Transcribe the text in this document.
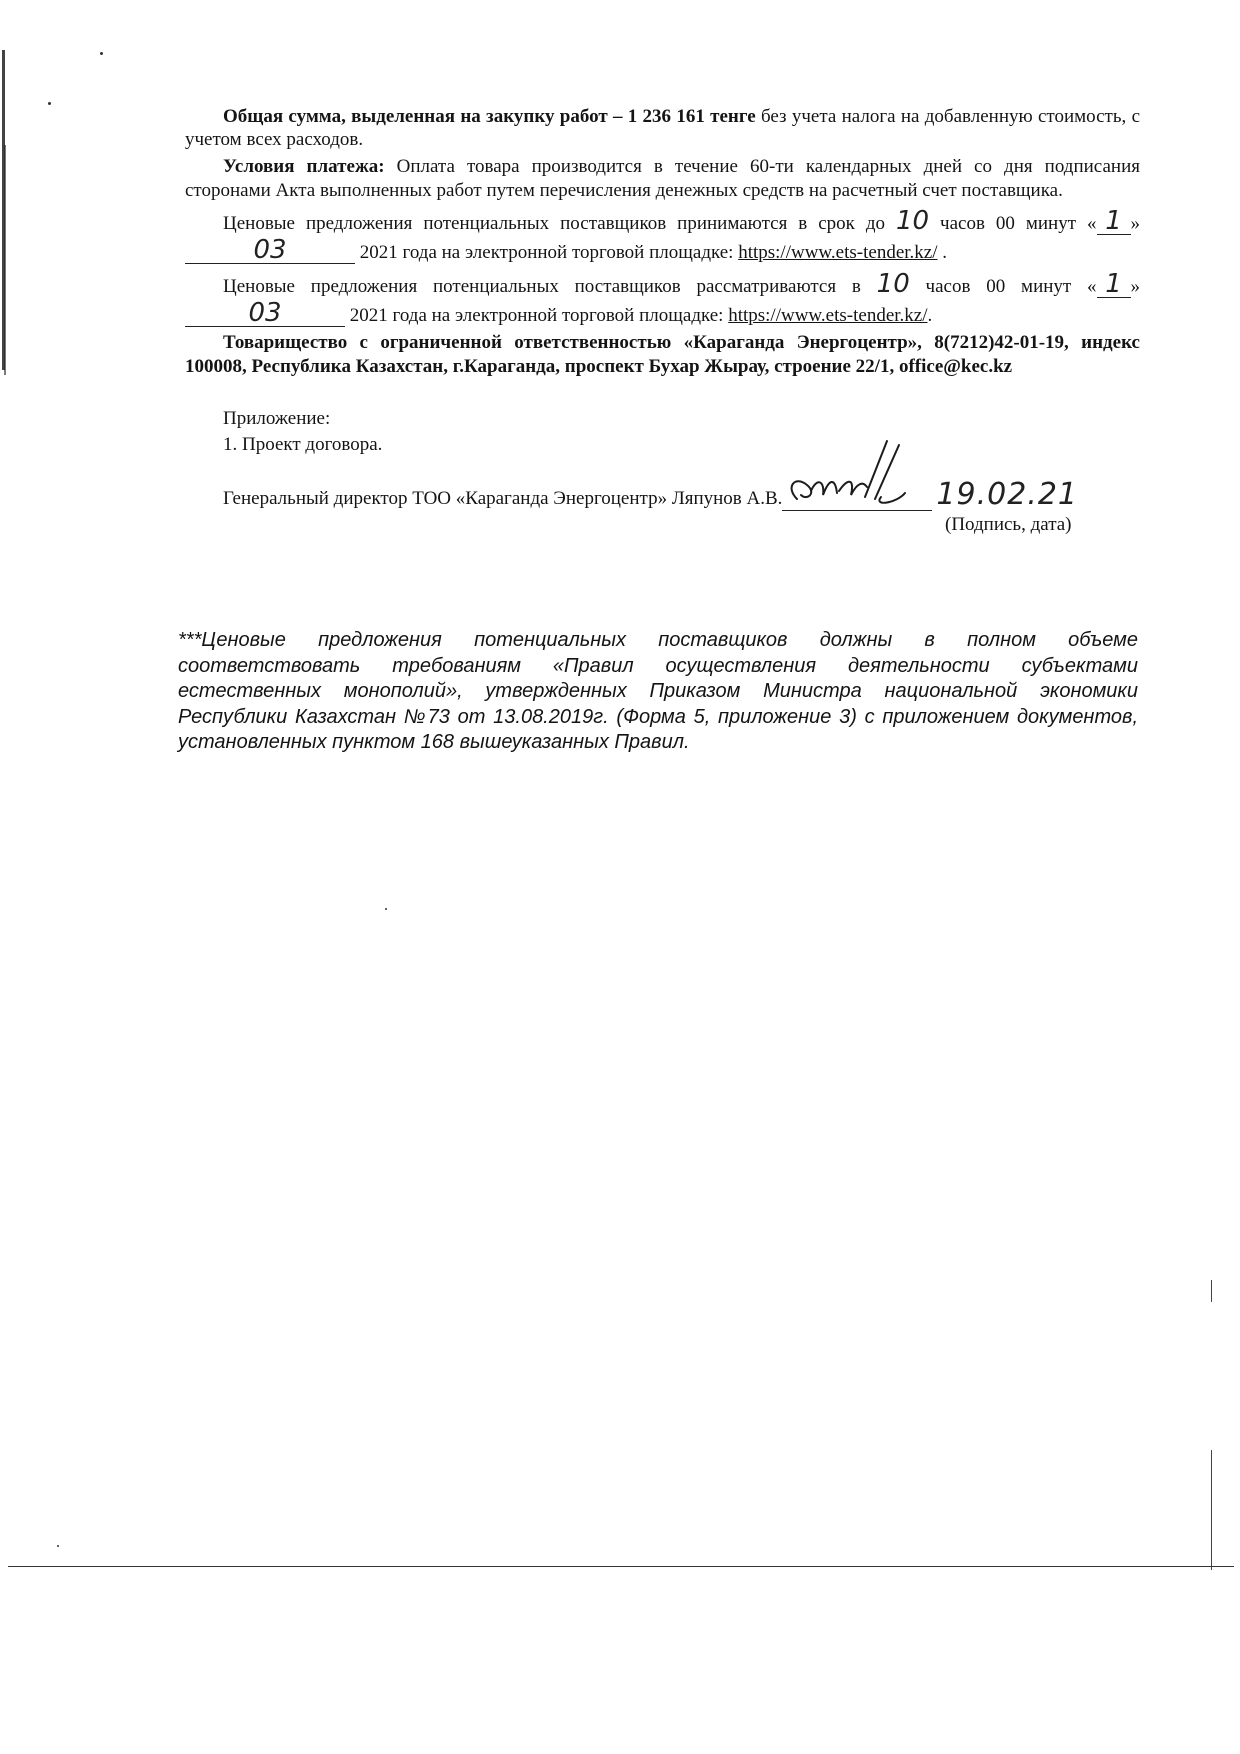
Общая сумма, выделенная на закупку работ – 1 236 161 тенге без учета налога на добавленную стоимость, с учетом всех расходов.

Условия платежа: Оплата товара производится в течение 60-ти календарных дней со дня подписания сторонами Акта выполненных работ путем перечисления денежных средств на расчетный счет поставщика.

Ценовые предложения потенциальных поставщиков принимаются в срок до 10 часов 00 минут « 1 » 03	2021 года на электронной торговой площадке: https://www.ets-tender.kz/ .

Ценовые предложения потенциальных поставщиков рассматриваются в 10 часов 00 минут « 1 » 03	2021 года на электронной торговой площадке: https://www.ets-tender.kz/.

Товарищество с ограниченной ответственностью «Караганда Энергоцентр», 8(7212)42-01-19, индекс 100008, Республика Казахстан, г.Караганда, проспект Бухар Жырау, строение 22/1, office@kec.kz

Приложение:
1. Проект договора.
Генеральный директор ТОО «Караганда Энергоцентр» Ляпунов А.В.	19.02.21
(Подпись, дата)
***Ценовые предложения потенциальных поставщиков должны в полном объеме соответствовать требованиям «Правил осуществления деятельности субъектами естественных монополий», утвержденных Приказом Министра национальной экономики Республики Казахстан №73 от 13.08.2019г. (Форма 5, приложение 3) с приложением документов, установленных пунктом 168 вышеуказанных Правил.
